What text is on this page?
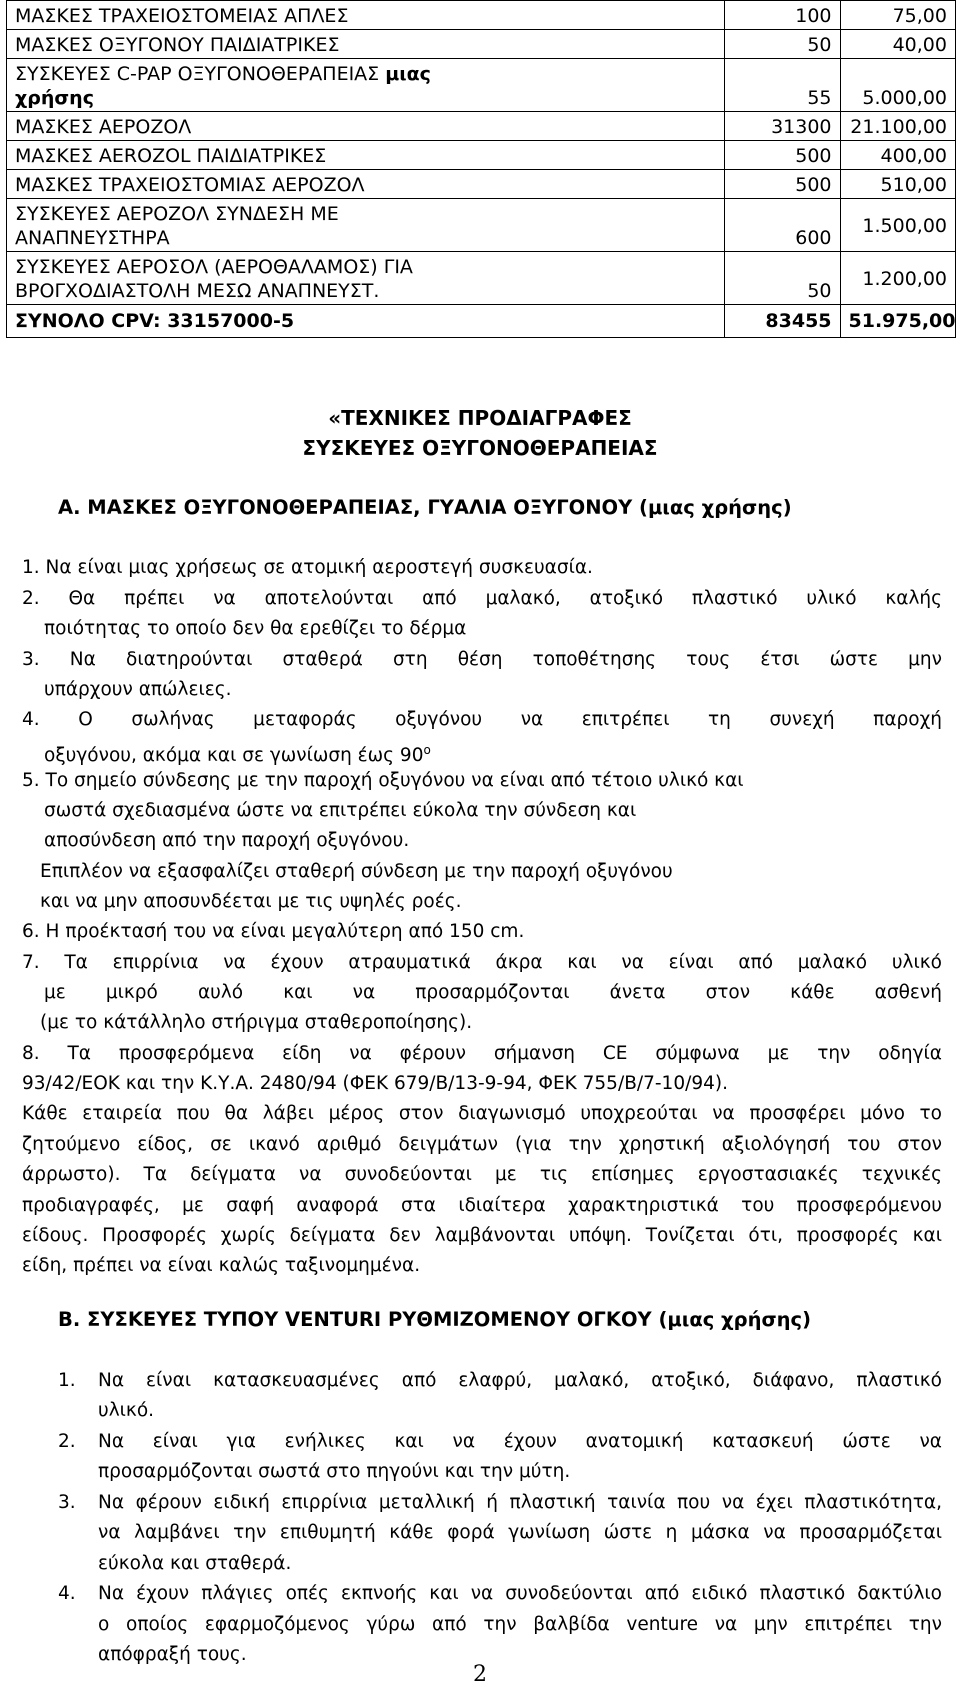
ΜΑΣΚΕΣ ΤΡΑΧΕΙΟΣΤΟΜΕΙΑΣ ΑΠΛΕΣ	100	75,00
ΜΑΣΚΕΣ ΟΞΥΓΟΝΟΥ ΠΑΙΔΙΑΤΡΙΚΕΣ	50	40,00
ΣΥΣΚΕΥΕΣ C-PAP ΟΞΥΓΟΝΟΘΕΡΑΠΕΙΑΣ μιας
χρήσης	55	5.000,00
ΜΑΣΚΕΣ ΑΕΡΟΖΟΛ	31300	21.100,00
ΜΑΣΚΕΣ AEROZOL ΠΑΙΔΙΑΤΡΙΚΕΣ	500	400,00
ΜΑΣΚΕΣ ΤΡΑΧΕΙΟΣΤΟΜΙΑΣ ΑΕΡΟΖΟΛ	500	510,00
ΣΥΣΚΕΥΕΣ ΑΕΡΟΖΟΛ ΣΥΝΔΕΣΗ ΜΕ
ΑΝΑΠΝΕΥΣΤΗΡΑ	600	1.500,00
ΣΥΣΚΕΥΕΣ ΑΕΡΟΣΟΛ (ΑΕΡΟΘΑΛΑΜΟΣ) ΓΙΑ
ΒΡΟΓΧΟΔΙΑΣΤΟΛΗ ΜΕΣΩ ΑΝΑΠΝΕΥΣΤ.	50	1.200,00
ΣΥΝΟΛΟ CPV: 33157000-5	83455	51.975,00
«ΤΕΧΝΙΚΕΣ ΠΡΟΔΙΑΓΡΑΦΕΣ
ΣΥΣΚΕΥΕΣ ΟΞΥΓΟΝΟΘΕΡΑΠΕΙΑΣ
Α. ΜΑΣΚΕΣ ΟΞΥΓΟΝΟΘΕΡΑΠΕΙΑΣ, ΓΥΑΛΙΑ ΟΞΥΓΟΝΟΥ (μιας χρήσης)
1. Να είναι μιας χρήσεως σε ατομική αεροστεγή συσκευασία.
2. Θα πρέπει να αποτελούνται από μαλακό, ατοξικό πλαστικό υλικό καλής
ποιότητας το οποίο δεν θα ερεθίζει το δέρμα
3. Να διατηρούνται σταθερά στη θέση τοποθέτησης τους έτσι ώστε μην
υπάρχουν απώλειες.
4. Ο σωλήνας μεταφοράς οξυγόνου να επιτρέπει τη συνεχή παροχή
οξυγόνου, ακόμα και σε γωνίωση έως $90^o$
5. Το σημείο σύνδεσης με την παροχή οξυγόνου να είναι από τέτοιο υλικό και
σωστά σχεδιασμένα ώστε να επιτρέπει εύκολα την σύνδεση και
αποσύνδεση από την παροχή οξυγόνου.
Επιπλέον να εξασφαλίζει σταθερή σύνδεση με την παροχή οξυγόνου
και να μην αποσυνδέεται με τις υψηλές ροές.
6. Η προέκτασή του να είναι μεγαλύτερη από 150 cm.
7. Τα επιρρίνια να έχουν ατραυματικά άκρα και να είναι από μαλακό υλικό
με μικρό αυλό και να προσαρμόζονται άνετα στον κάθε ασθενή
(με το κάτάλληλο στήριγμα σταθεροποίησης).
8. Τα προσφερόμενα είδη να φέρουν σήμανση CE σύμφωνα με την οδηγία
93/42/ΕΟΚ και την Κ.Υ.Α. 2480/94 (ΦΕΚ 679/Β/13-9-94, ΦΕΚ 755/Β/7-10/94).
Κάθε εταιρεία που θα λάβει μέρος στον διαγωνισμό υποχρεούται να προσφέρει μόνο το
ζητούμενο είδος, σε ικανό αριθμό δειγμάτων (για την χρηστική αξιολόγησή του στον
άρρωστο). Τα δείγματα να συνοδεύονται με τις επίσημες εργοστασιακές τεχνικές
προδιαγραφές, με σαφή αναφορά στα ιδιαίτερα χαρακτηριστικά του προσφερόμενου
είδους. Προσφορές χωρίς δείγματα δεν λαμβάνονται υπόψη. Τονίζεται ότι, προσφορές και
είδη, πρέπει να είναι καλώς ταξινομημένα.
Β. ΣΥΣΚΕΥΕΣ ΤΥΠΟΥ VENTURI ΡΥΘΜΙΖΟΜΕΝΟΥ ΟΓΚΟΥ (μιας χρήσης)
1. Να είναι κατασκευασμένες από ελαφρύ, μαλακό, ατοξικό, διάφανο, πλαστικό
υλικό.
2. Να είναι για ενήλικες και να έχουν ανατομική κατασκευή ώστε να
προσαρμόζονται σωστά στο πηγούνι και την μύτη.
3. Να φέρουν ειδική επιρρίνια μεταλλική ή πλαστική ταινία που να έχει πλαστικότητα,
να λαμβάνει την επιθυμητή κάθε φορά γωνίωση ώστε η μάσκα να προσαρμόζεται
εύκολα και σταθερά.
4. Να έχουν πλάγιες οπές εκπνοής και να συνοδεύονται από ειδικό πλαστικό δακτύλιο
ο οποίος εφαρμοζόμενος γύρω από την βαλβίδα venture να μην επιτρέπει την
απόφραξή τους.
2
